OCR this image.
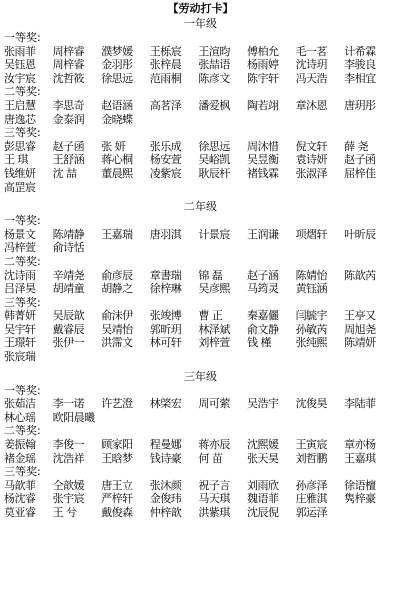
【劳动打卡】
一年级
一等奖:
张雨菲	周梓睿	濮梦媛	王栎宸	王渲昀	傅柏允	毛一茗	计希霖
吴钰恩	周梓睿	金羽彤	张梓晨	张喆语	杨雨婷	沈诗玥	李骏良
汝宇宸	沈哲筱	徐思远	范雨桐	陈彦文	陈宇轩	冯天浩	李相宜
二等奖:
王启慧	李思奇	赵语涵	高茗泽	潘爱枫	陶若翊	章沐恩	唐玥彤
唐逸芯	金泰润	金晓蝶
三等奖:
彭思睿	赵子函	张 妍	张乐成	徐思远	周沐惜	倪文轩	薛 尧
王 琪	王舒涵	蒋心桐	杨安萱	吴峪凯	吴昱衡	袁诗妍	赵子函
钱维妍	沈 喆	董晨熙	凌紫宸	耿辰杆	褚钱霖	张淑泽	屈梓佳
高罡宸
二年级
一等奖:
杨景文	陈靖静	王嘉瑞	唐羽淇	计景宸	王润谦	项熠轩	叶昕辰
冯梓萱	俞诗恬
二等奖:
沈诗雨	辛靖尧	俞彦辰	章書瑞	锦 磊	赵子涵	陈婧怡	陈歆芮
吕泽昊	胡靖童	胡静之	徐梓琳	吴彦熙	马筠灵	黄钰涵
三等奖:
韩菁妍	吴辰歆	俞沫伊	张竣博	曹 正	秦嘉儷	闫毓宇	王亭又
吴宇轩	戴睿辰	吴靖怡	郭昕玥	林泽斌	俞文静	孙敏芮	周旭尧
王璟轩	张伊一	洪霈文	林可轩	刘梓萱	钱 槿	张纯熙	陈靖妍
张宸瑞
三年级
一等奖:
张茹洁	李一诺	许艺澄	林棨宏	周可萦	吴浩宇	沈俊昊	李陆菲
林心瑶	欧阳晨曦
二等奖:
姜振翰	李俊一	顾家阳	程曼娜	蒋亦辰	沈熙媛	王寅宸	章亦杨
褚金瑶	沈浩祥	王晗梦	钱诗豪	何 苗	张天昊	刘哲鹏	王嘉琪
三等奖:
马歆菲	仝歆媛	唐王立	张沐颜	祝子言	刘雨欣	孙彦泽	徐语檀
杨沈睿	张宇宸	严梓轩	金俊玮	马天琪	魏语菲	庄雅淇	隽梓豪
莫亚睿	王 兮	戴俊森	仲梓歆	洪紫琪	沈辰倪	郭运泽
